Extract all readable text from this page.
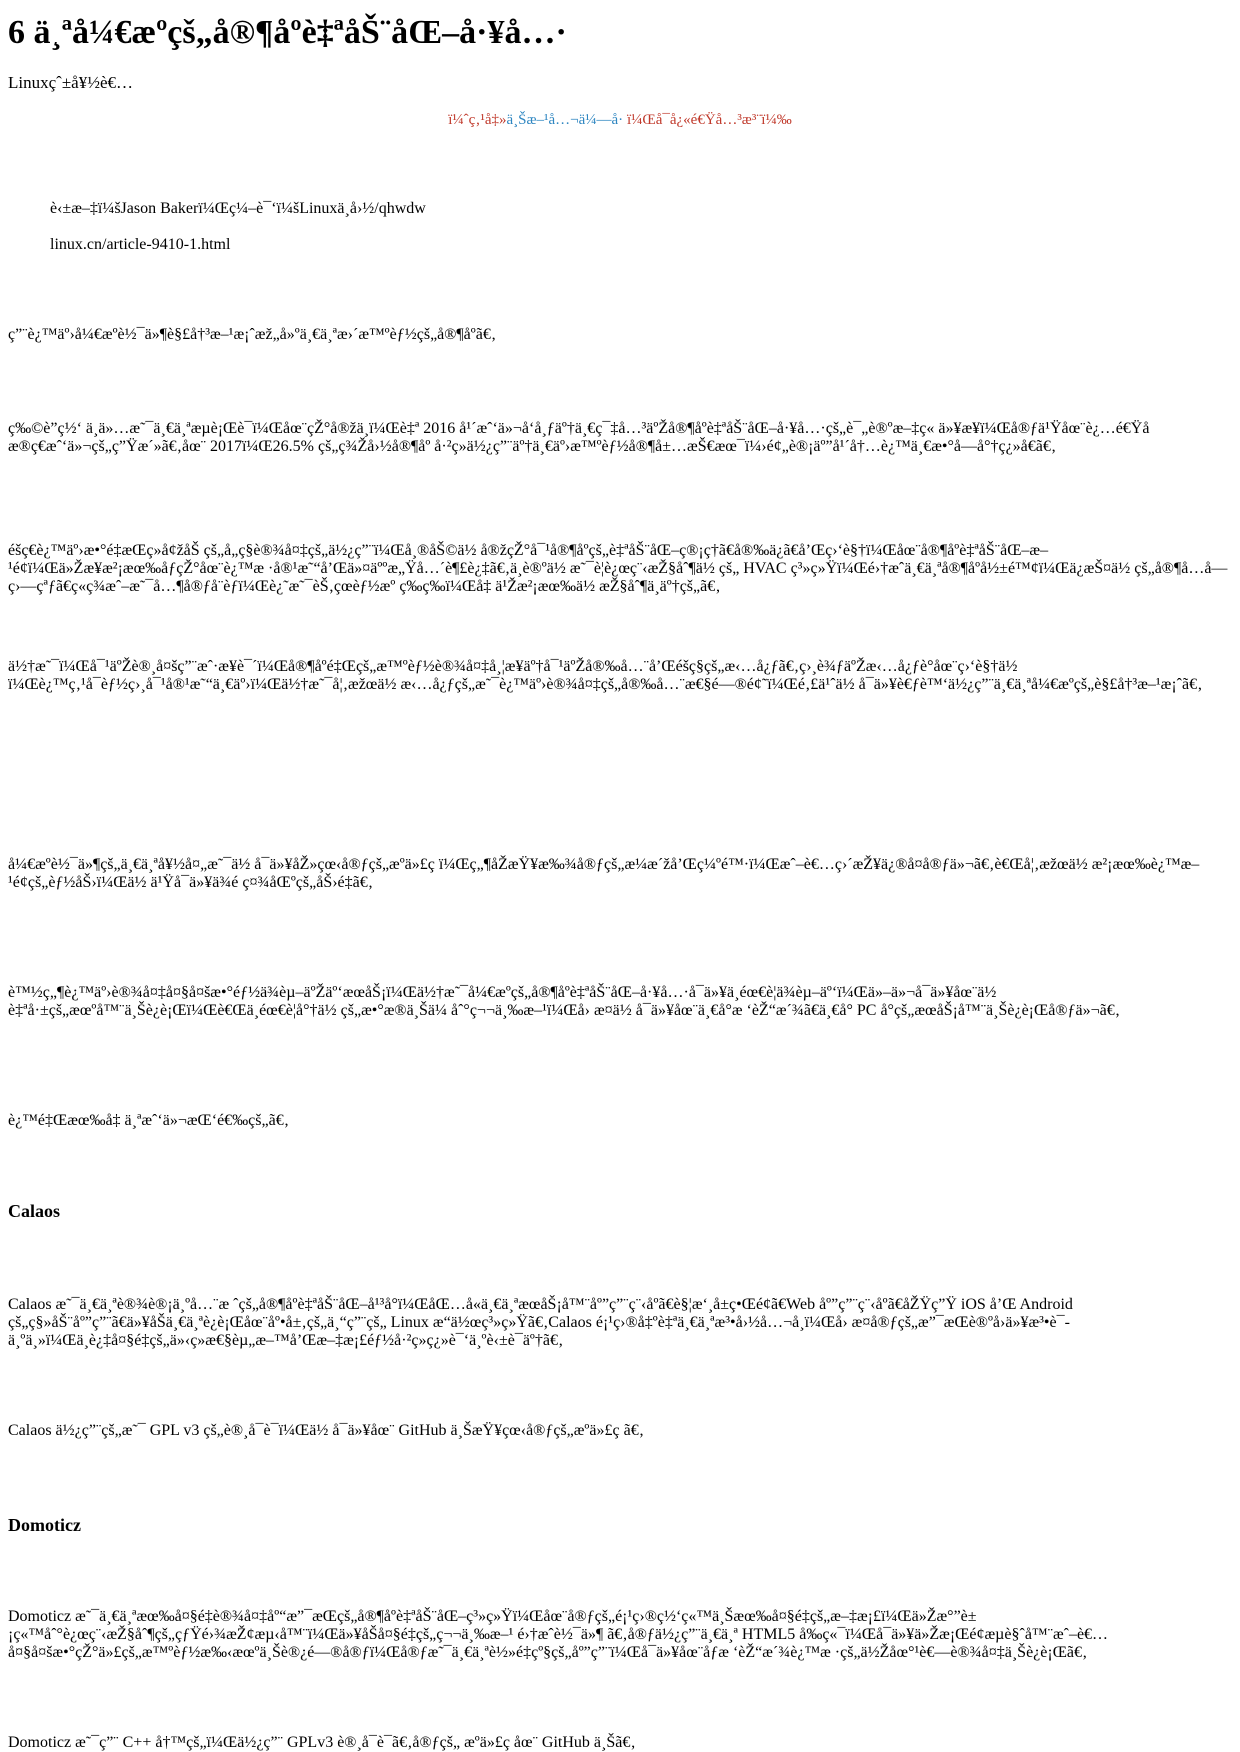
6 ä¸ªå¼€æºçš„å®¶åºè‡ªåŠ¨åŒ–å·¥å…·
Linuxçˆ±å¥½è€…
ï¼ˆç‚¹å‡»ä¸Šæ–¹å…¬ä¼—å· ï¼Œå¯å¿«é€Ÿå…³æ³¨ï¼‰
è‹±æ–‡ï¼šJason Bakerï¼Œç¼–è¯‘ï¼šLinuxä¸å›½/qhwdw
linux.cn/article-9410-1.html

ç”¨è¿™äº›å¼€æºè½¯ä»¶è§£å†³æ–¹æ¡ˆæž„å»ºä¸€ä¸ªæ›´æ™ºèƒ½çš„å®¶åºã€‚

ç‰©è”ç½‘ ä¸ä»…æ˜¯ä¸€ä¸ªæµè¡Œè¯ï¼Œåœ¨çŽ°å®žä¸ï¼Œè‡ª 2016 å¹´æˆ‘ä»¬å‘å¸ƒäº†ä¸€ç¯‡å…³äºŽå®¶åºè‡ªåŠ¨åŒ–å·¥å…·çš„è¯„è®ºæ–‡ç« ä»¥æ¥ï¼Œå®ƒä¹Ÿåœ¨è¿…é€Ÿå æ®ç€æˆ‘ä»¬çš„ç”Ÿæ´»ã€‚åœ¨ 2017ï¼Œ26.5% çš„ç¾Žå›½å®¶åº å·²ç»ä½¿ç”¨äº†ä¸€äº›æ™ºèƒ½å®¶å±…æŠ€æœ¯ï¼›é¢„è®¡äº”å¹´å†…è¿™ä¸€æ•°å—å°†ç¿»å€ã€‚

éšç€è¿™äº›æ•°é‡æŒç»å¢žåŠ çš„å„ç§è®¾å¤‡çš„ä½¿ç”¨ï¼Œå¸®åŠ©ä½ å®žçŽ°å¯¹å®¶åºçš„è‡ªåŠ¨åŒ–ç®¡ç†ã€å®‰ä¿ã€å’Œç›‘è§†ï¼Œåœ¨å®¶åºè‡ªåŠ¨åŒ–æ–¹é¢ï¼Œä»Žæ¥æ²¡æœ‰åƒçŽ°åœ¨è¿™æ ·å®¹æ˜“å’Œä»¤äººæ„Ÿå…´è¶£è¿‡ã€‚ä¸è®ºä½ æ˜¯è¦è¿œç¨‹æŽ§åˆ¶ä½ çš„ HVAC ç³»ç»Ÿï¼Œé›†æˆä¸€ä¸ªå®¶åºå½±é™¢ï¼Œä¿æŠ¤ä½ çš„å®¶å…å—ç›—çªƒã€ç«ç¾æˆ–æ˜¯å…¶å®ƒå¨èƒï¼Œè¿˜æ˜¯èŠ‚çœèƒ½æº ç‰ç‰ï¼Œå‡ ä¹Žæ²¡æœ‰ä½ æŽ§åˆ¶ä¸äº†çš„ã€‚

ä½†æ˜¯ï¼Œå¯¹äºŽè®¸å¤šç”¨æˆ·æ¥è¯´ï¼Œå®¶åºé‡Œçš„æ™ºèƒ½è®¾å¤‡å¸¦æ¥äº†å¯¹äºŽå®‰å…¨å’Œéšç§çš„æ‹…å¿ƒã€‚ç›¸è¾ƒäºŽæ‹…å¿ƒè°åœ¨ç›‘è§†ä½ ï¼Œè¿™ç‚¹å¯èƒ½ç›¸å¯¹å®¹æ˜“ä¸€äº›ï¼Œä½†æ˜¯å¦‚æžœä½ æ‹…å¿ƒçš„æ˜¯è¿™äº›è®¾å¤‡çš„å®‰å…¨æ€§é—®é¢˜ï¼Œé‚£ä¹ˆä½ å¯ä»¥è€ƒè™‘ä½¿ç”¨ä¸€ä¸ªå¼€æºçš„è§£å†³æ–¹æ¡ˆã€‚

å¼€æºè½¯ä»¶çš„ä¸€ä¸ªå¥½å¤„æ˜¯ä½ å¯ä»¥åŽ»çœ‹å®ƒçš„æºä»£ç ï¼Œç„¶åŽæŸ¥æ‰¾å®ƒçš„æ¼æ´žå’Œç¼ºé™·ï¼Œæˆ–è€…ç›´æŽ¥ä¿®å¤å®ƒä»¬ã€‚è€Œå¦‚æžœä½ æ²¡æœ‰è¿™æ–¹é¢çš„èƒ½åŠ›ï¼Œä½ ä¹Ÿå¯ä»¥ä¾é ç¤¾åŒºçš„åŠ›é‡ã€‚

è™½ç„¶è¿™äº›è®¾å¤‡å¤§å¤šæ•°éƒ½ä¾èµ–äºŽäº‘æœåŠ¡ï¼Œä½†æ˜¯å¼€æºçš„å®¶åºè‡ªåŠ¨åŒ–å·¥å…·å¯ä»¥ä¸éœ€è¦ä¾èµ–äº‘ï¼Œä»–ä»¬å¯ä»¥åœ¨ä½ è‡ªå·±çš„æœºå™¨ä¸Šè¿è¡Œï¼Œè€Œä¸éœ€è¦å°†ä½ çš„æ•°æ®ä¸Šä¼ åˆ°ç¬¬ä¸‰æ–¹ï¼Œå› æ¤ä½ å¯ä»¥åœ¨ä¸€å°æ ‘èŽ“æ´¾ã€ä¸€å° PC å°çš„æœåŠ¡å™¨ä¸Šè¿è¡Œå®ƒä»¬ã€‚

è¿™é‡Œæœ‰å‡ ä¸ªæˆ‘ä»¬æŒ‘é€‰çš„ã€‚

Calaos

Calaos æ˜¯ä¸€ä¸ªè®¾è®¡ä¸ºå…¨æ ˆçš„å®¶åºè‡ªåŠ¨åŒ–å¹³å°ï¼ŒåŒ…å«ä¸€ä¸ªæœåŠ¡å™¨åº”ç”¨ç¨‹åºã€è§¦æ‘¸å±ç•Œé¢ã€Web åº”ç”¨ç¨‹åºã€åŽŸç”Ÿ iOS å’Œ Android çš„ç§»åŠ¨åº”ç”¨ã€ä»¥åŠä¸€ä¸ªè¿è¡Œåœ¨åº•å±‚çš„ä¸“ç”¨çš„ Linux æ“ä½œç³»ç»Ÿã€‚Calaos é¡¹ç›®å‡ºè‡ªä¸€ä¸ªæ³•å›½å…¬å¸ï¼Œå› æ¤å®ƒçš„æ”¯æŒè®ºå›ä»¥æ³•è¯ä¸ºä¸»ï¼Œä¸è¿‡å¤§é‡çš„ä»‹ç»æ€§èµ„æ–™å’Œæ–‡æ¡£éƒ½å·²ç»ç¿»è¯‘ä¸ºè‹±è¯äº†ã€‚

Calaos ä½¿ç”¨çš„æ˜¯ GPL v3 çš„è®¸å¯è¯ï¼Œä½ å¯ä»¥åœ¨ GitHub ä¸ŠæŸ¥çœ‹å®ƒçš„æºä»£ç ã€‚

Domoticz

Domoticz æ˜¯ä¸€ä¸ªæœ‰å¤§é‡è®¾å¤‡åº“æ”¯æŒçš„å®¶åºè‡ªåŠ¨åŒ–ç³»ç»Ÿï¼Œåœ¨å®ƒçš„é¡¹ç›®ç½‘ç«™ä¸Šæœ‰å¤§é‡çš„æ–‡æ¡£ï¼Œä»Žæ°”è±¡ç«™åˆ°è¿œç¨‹æŽ§åˆ¶çš„çƒŸé›¾æŽ¢æµ‹å™¨ï¼Œä»¥åŠå¤§é‡çš„ç¬¬ä¸‰æ–¹ é›†æˆè½¯ä»¶ ã€‚å®ƒä½¿ç”¨ä¸€ä¸ª HTML5 å‰ç«¯ï¼Œå¯ä»¥ä»Žæ¡Œé¢æµè§ˆå™¨æˆ–è€…å¤§å¤šæ•°çŽ°ä»£çš„æ™ºèƒ½æ‰‹æœºä¸Šè®¿é—®å®ƒï¼Œå®ƒæ˜¯ä¸€ä¸ªè½»é‡çº§çš„åº”ç”¨ï¼Œå¯ä»¥åœ¨åƒæ ‘èŽ“æ´¾è¿™æ ·çš„ä½Žåœ°¹è€—è®¾å¤‡ä¸Šè¿è¡Œã€‚

Domoticz æ˜¯ç”¨ C++ å†™çš„ï¼Œä½¿ç”¨ GPLv3 è®¸å¯è¯ã€‚å®ƒçš„ æºä»£ç åœ¨ GitHub ä¸Šã€‚
